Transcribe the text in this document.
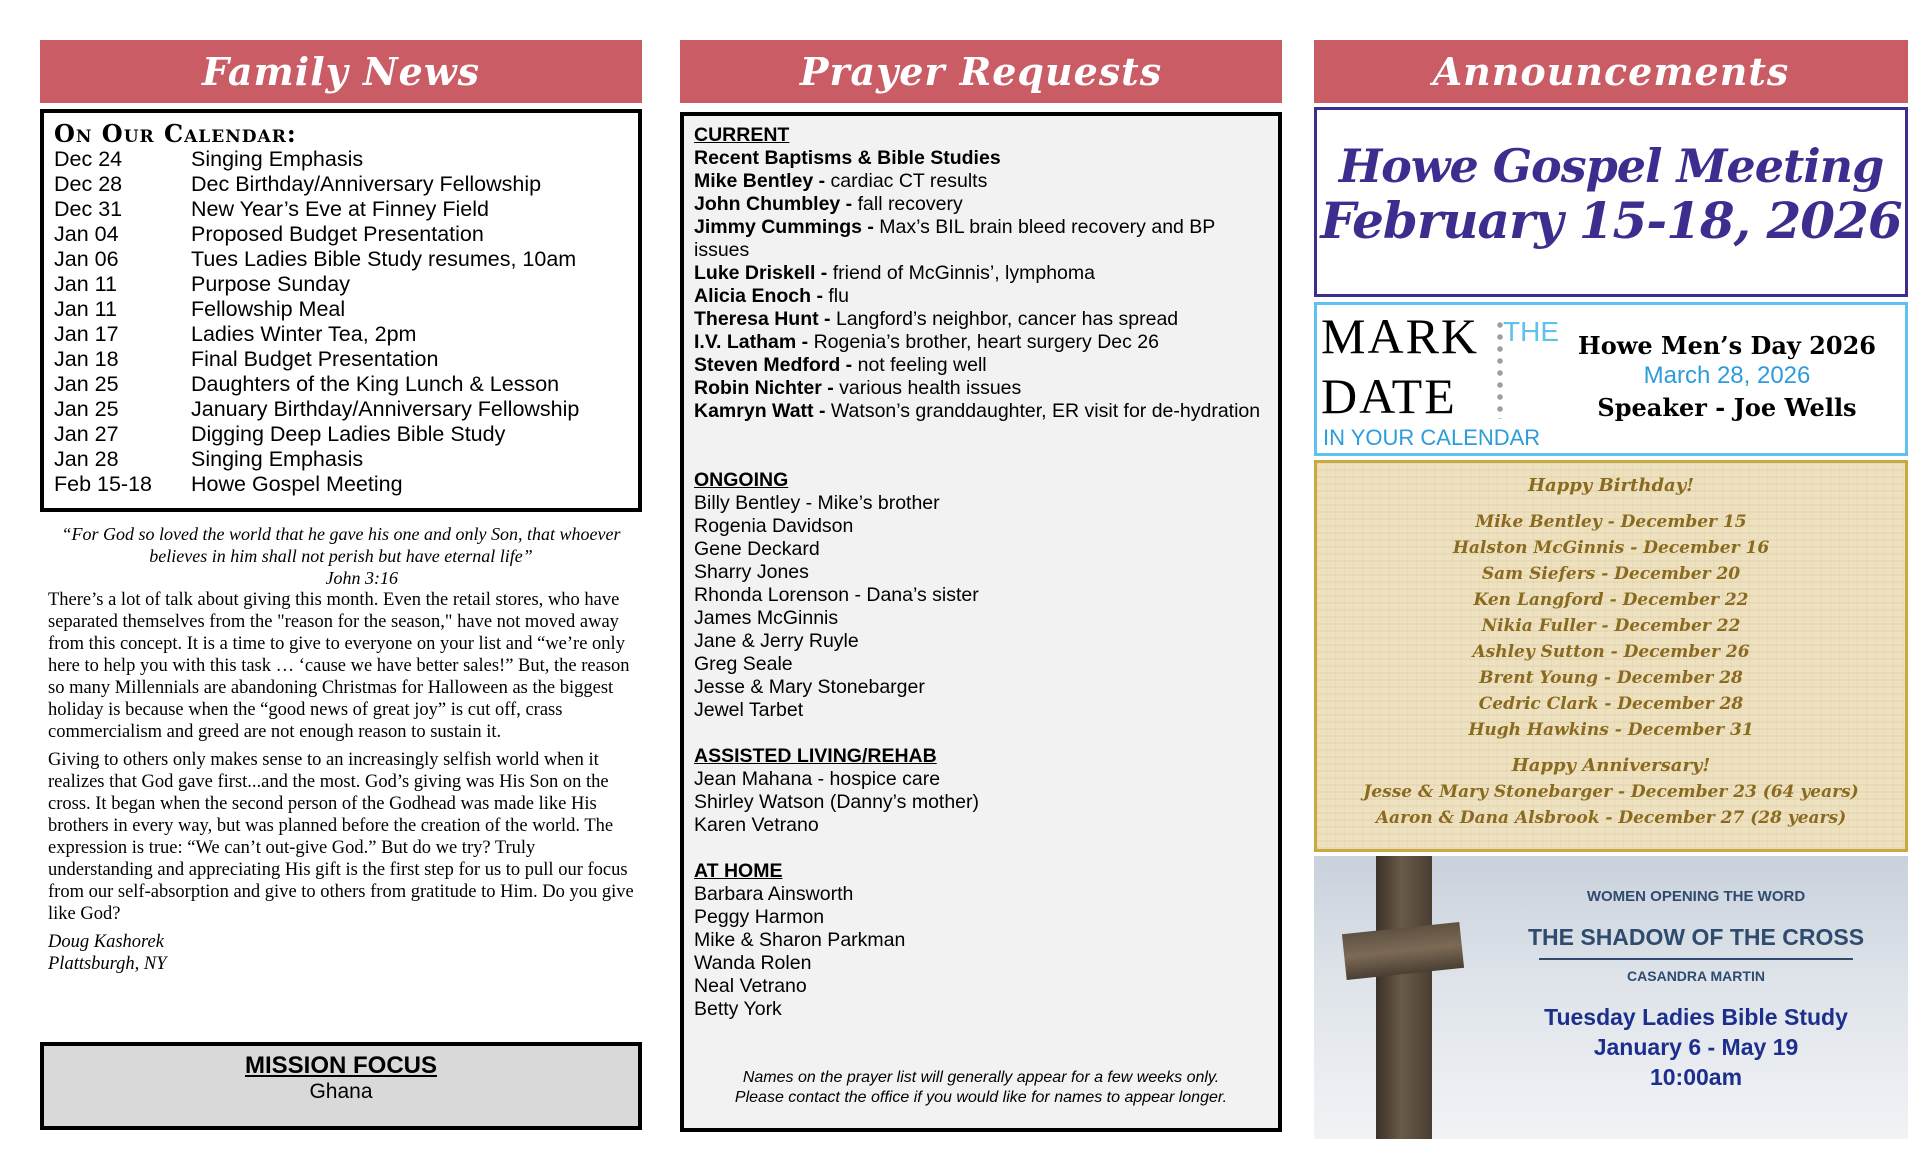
Family News
On Our Calendar:
Dec 24	Singing Emphasis
Dec 28	Dec Birthday/Anniversary Fellowship
Dec 31	New Year’s Eve at Finney Field
Jan 04	Proposed Budget Presentation
Jan 06	Tues Ladies Bible Study resumes, 10am
Jan 11	Purpose Sunday
Jan 11	Fellowship Meal
Jan 17	Ladies Winter Tea, 2pm
Jan 18	Final Budget Presentation
Jan 25	Daughters of the King Lunch & Lesson
Jan 25	January Birthday/Anniversary Fellowship
Jan 27	Digging Deep Ladies Bible Study
Jan 28	Singing Emphasis
Feb 15-18	Howe Gospel Meeting
“For God so loved the world that he gave his one and only Son, that whoever believes in him shall not perish but have eternal life”
John 3:16

There’s a lot of talk about giving this month. Even the retail stores, who have separated themselves from the "reason for the season," have not moved away from this concept. It is a time to give to everyone on your list and “we’re only here to help you with this task … ‘cause we have better sales!” But, the reason so many Millennials are abandoning Christmas for Halloween as the biggest holiday is because when the “good news of great joy” is cut off, crass commercialism and greed are not enough reason to sustain it.

Giving to others only makes sense to an increasingly selfish world when it realizes that God gave first...and the most. God’s giving was His Son on the cross. It began when the second person of the Godhead was made like His brothers in every way, but was planned before the creation of the world. The expression is true: “We can’t out-give God.” But do we try? Truly understanding and appreciating His gift is the first step for us to pull our focus from our self-absorption and give to others from gratitude to Him. Do you give like God?

Doug Kashorek
Plattsburgh, NY
MISSION FOCUS
Ghana
Prayer Requests
CURRENT
Recent Baptisms & Bible Studies
Mike Bentley - cardiac CT results
John Chumbley - fall recovery
Jimmy Cummings - Max’s BIL brain bleed recovery and BP issues
Luke Driskell - friend of McGinnis’, lymphoma
Alicia Enoch - flu
Theresa Hunt - Langford’s neighbor, cancer has spread
I.V. Latham - Rogenia’s brother, heart surgery Dec 26
Steven Medford - not feeling well
Robin Nichter - various health issues
Kamryn Watt - Watson’s granddaughter, ER visit for de-hydration
ONGOING
Billy Bentley - Mike’s brother
Rogenia Davidson
Gene Deckard
Sharry Jones
Rhonda Lorenson - Dana’s sister
James McGinnis
Jane & Jerry Ruyle
Greg Seale
Jesse & Mary Stonebarger
Jewel Tarbet
ASSISTED LIVING/REHAB
Jean Mahana - hospice care
Shirley Watson (Danny’s mother)
Karen Vetrano
AT HOME
Barbara Ainsworth
Peggy Harmon
Mike & Sharon Parkman
Wanda Rolen
Neal Vetrano
Betty York
Names on the prayer list will generally appear for a few weeks only.
Please contact the office if you would like for names to appear longer.
Announcements
Howe Gospel Meeting
February 15-18, 2026
MARK
DATE
THE
IN YOUR CALENDAR
Howe Men’s Day 2026
March 28, 2026
Speaker - Joe Wells
Happy Birthday!
Mike Bentley - December 15
Halston McGinnis - December 16
Sam Siefers - December 20
Ken Langford - December 22
Nikia Fuller - December 22
Ashley Sutton - December 26
Brent Young - December 28
Cedric Clark - December 28
Hugh Hawkins - December 31
Happy Anniversary!
Jesse & Mary Stonebarger - December 23 (64 years)
Aaron & Dana Alsbrook - December 27 (28 years)
WOMEN OPENING THE WORD
THE SHADOW OF THE CROSS
CASANDRA MARTIN
Tuesday Ladies Bible Study
January 6 - May 19
10:00am
